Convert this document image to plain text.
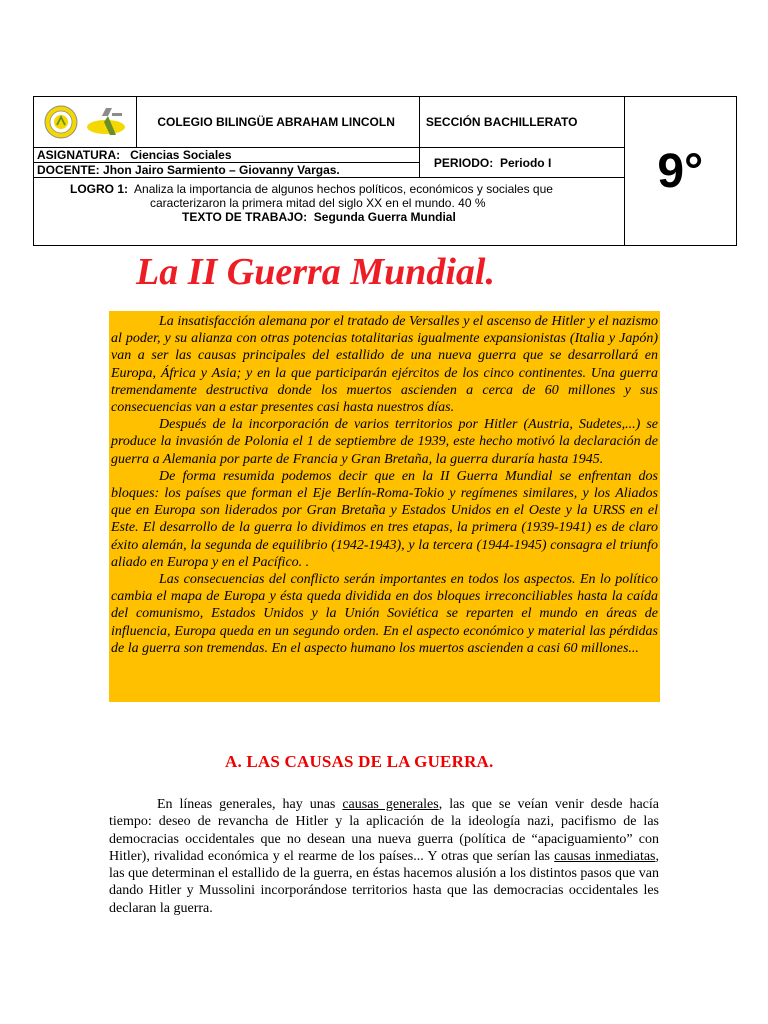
	COLEGIO BILINGÜE ABRAHAM LINCOLN	SECCIÓN BACHILLERATO	9°

ASIGNATURA: Ciencias Sociales
DOCENTE: Jhon Jairo Sarmiento – Giovanny Vargas.		PERIODO: Periodo I	

LOGRO 1: Analiza la importancia de algunos hechos políticos, económicos y sociales que
caracterizaron la primera mitad del siglo XX en el mundo. 40 %
TEXTO DE TRABAJO: Segunda Guerra Mundial			
La II Guerra Mundial.

La insatisfacción alemana por el tratado de Versalles y el ascenso de Hitler y el nazismo al poder, y su alianza con otras potencias totalitarias igualmente expansionistas (Italia y Japón) van a ser las causas principales del estallido de una nueva guerra que se desarrollará en Europa, África y Asia; y en la que participarán ejércitos de los cinco continentes. Una guerra tremendamente destructiva donde los muertos ascienden a cerca de 60 millones y sus consecuencias van a estar presentes casi hasta nuestros días.

Después de la incorporación de varios territorios por Hitler (Austria, Sudetes,...) se produce la invasión de Polonia el 1 de septiembre de 1939, este hecho motivó la declaración de guerra a Alemania por parte de Francia y Gran Bretaña, la guerra duraría hasta 1945.

De forma resumida podemos decir que en la II Guerra Mundial se enfrentan dos bloques: los países que forman el Eje Berlín-Roma-Tokio y regímenes similares, y los Aliados que en Europa son liderados por Gran Bretaña y Estados Unidos en el Oeste y la URSS en el Este. El desarrollo de la guerra lo dividimos en tres etapas, la primera (1939-1941) es de claro éxito alemán, la segunda de equilibrio (1942-1943), y la tercera (1944-1945) consagra el triunfo aliado en Europa y en el Pacífico. .

Las consecuencias del conflicto serán importantes en todos los aspectos. En lo político cambia el mapa de Europa y ésta queda dividida en dos bloques irreconciliables hasta la caída del comunismo, Estados Unidos y la Unión Soviética se reparten el mundo en áreas de influencia, Europa queda en un segundo orden. En el aspecto económico y material las pérdidas de la guerra son tremendas. En el aspecto humano los muertos ascienden a casi 60 millones...

A. LAS CAUSAS DE LA GUERRA.

En líneas generales, hay unas causas generales, las que se veían venir desde hacía tiempo: deseo de revancha de Hitler y la aplicación de la ideología nazi, pacifismo de las democracias occidentales que no desean una nueva guerra (política de “apaciguamiento” con Hitler), rivalidad económica y el rearme de los países... Y otras que serían las causas inmediatas, las que determinan el estallido de la guerra, en éstas hacemos alusión a los distintos pasos que van dando Hitler y Mussolini incorporándose territorios hasta que las democracias occidentales les declaran la guerra.
